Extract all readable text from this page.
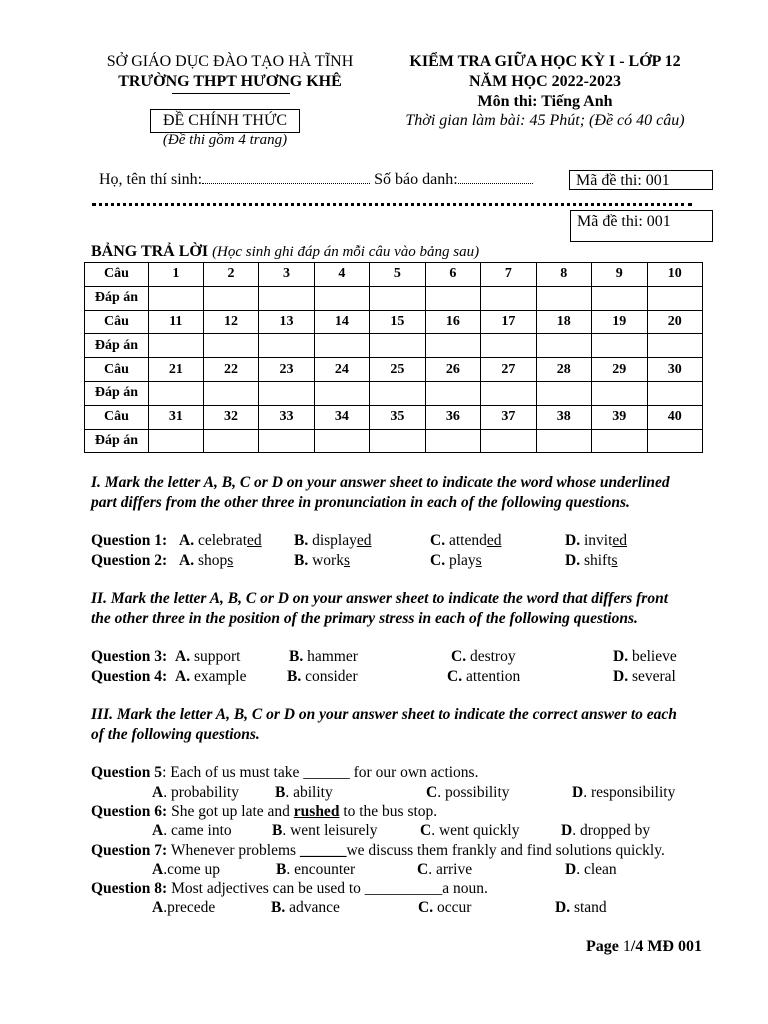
SỞ GIÁO DỤC ĐÀO TẠO HÀ TĨNH
TRƯỜNG THPT HƯƠNG KHÊ
ĐỀ CHÍNH THỨC
(Đề thi gồm 4 trang)
KIỂM TRA GIỮA HỌC KỲ I - LỚP 12
NĂM HỌC 2022-2023
Môn thi: Tiếng Anh
Thời gian làm bài: 45 Phút; (Đề có 40 câu)
Họ, tên thí sinh:	Số báo danh:	Mã đề thi: 001
Mã đề thi: 001
BẢNG TRẢ LỜI (Học sinh ghi đáp án mỗi câu vào bảng sau)
Câu	1	2	3	4	5	6	7	8	9	10
Đáp án										
Câu	11	12	13	14	15	16	17	18	19	20
Đáp án										
Câu	21	22	23	24	25	26	27	28	29	30
Đáp án										
Câu	31	32	33	34	35	36	37	38	39	40
Đáp án										
I. Mark the letter A, B, C or D on your answer sheet to indicate the word whose underlined
part differs from the other three in pronunciation in each of the following questions.
Question 1: A. celebrated B. displayed	C. attended	D. invited
Question 2: A. shops	B. works	C. plays	D. shifts
II. Mark the letter A, B, C or D on your answer sheet to indicate the word that differs front
the other three in the position of the primary stress in each of the following questions.
Question 3: A. support	B. hammer	C. destroy	D. believe
Question 4: A. example	B. consider	C. attention	D. several
III. Mark the letter A, B, C or D on your answer sheet to indicate the correct answer to each
of the following questions.
Question 5: Each of us must take ______ for our own actions.
A. probability B. ability	C. possibility	D. responsibility
Question 6: She got up late and rushed to the bus stop.
A. came into	B. went leisurely	C. went quickly	D. dropped by
Question 7: Whenever problems ______we discuss them frankly and find solutions quickly.
A.come up	B. encounter	C. arrive	D. clean
Question 8: Most adjectives can be used to __________a noun.
A.precede	B. advance	C. occur	D. stand
Page 1/4 MĐ 001
